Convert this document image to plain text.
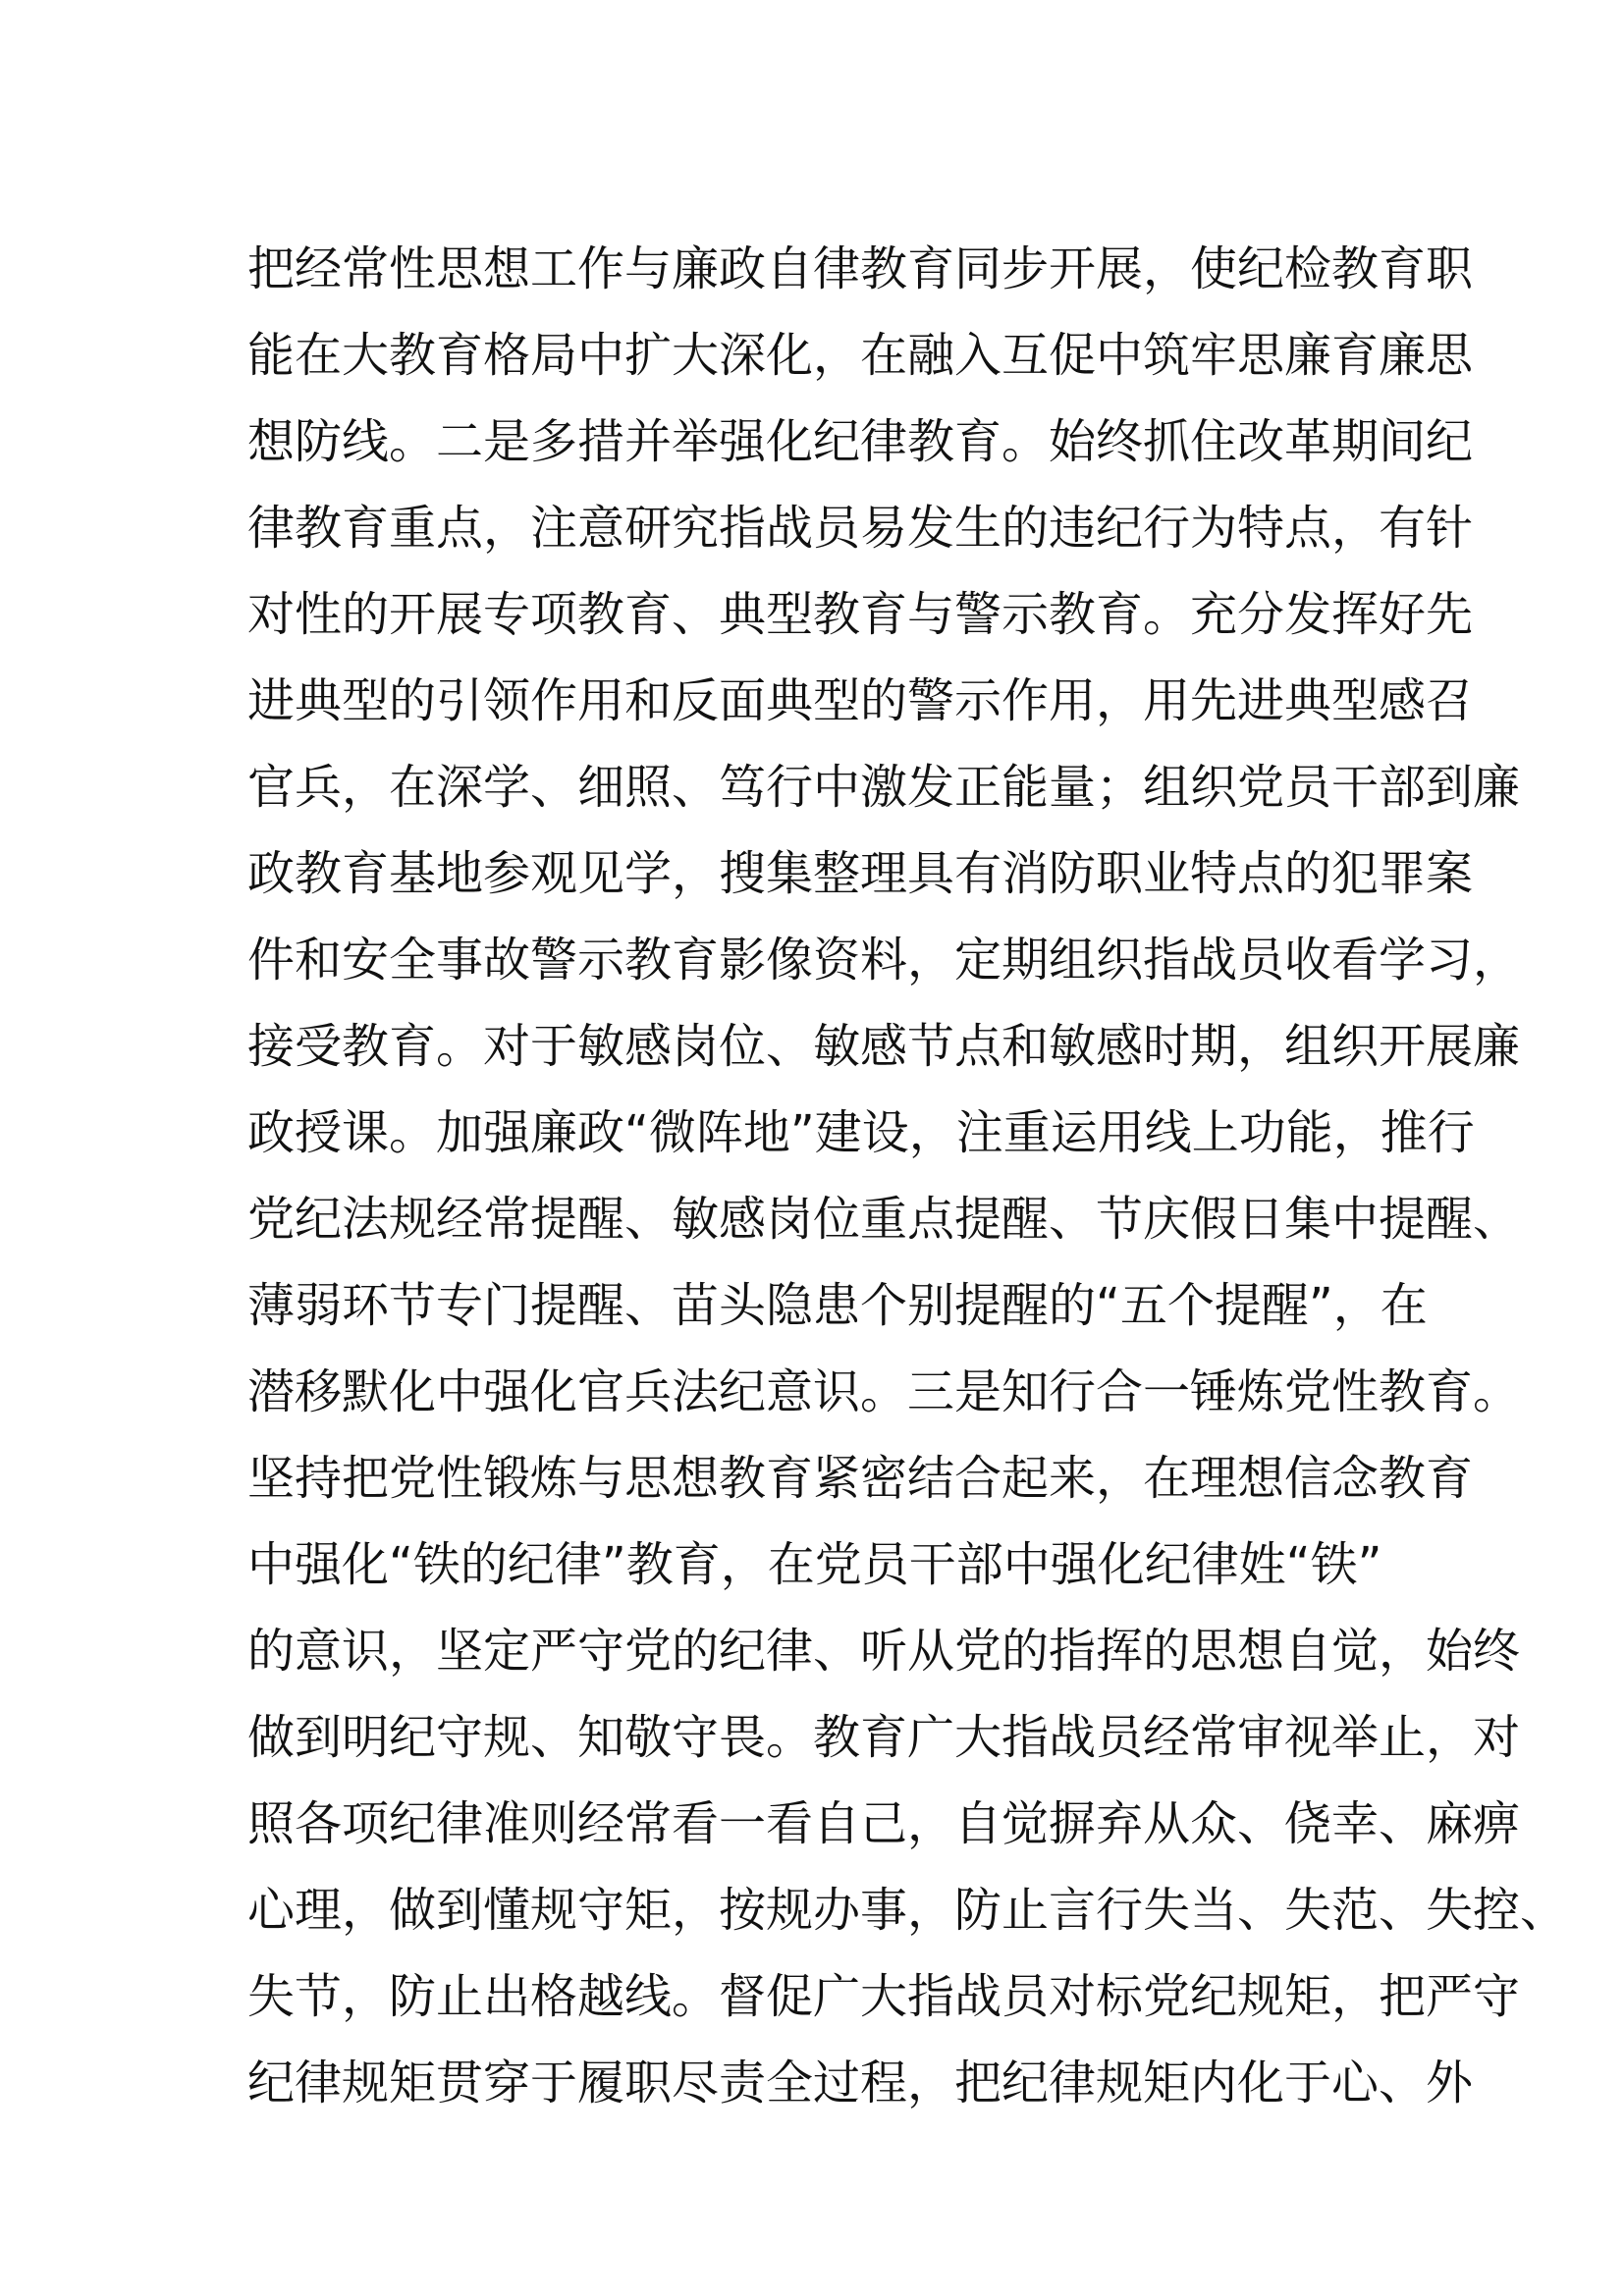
把经常性思想工作与廉政自律教育同步开展，使纪检教育职
能在大教育格局中扩大深化，在融入互促中筑牢思廉育廉思
想防线。二是多措并举强化纪律教育。始终抓住改革期间纪
律教育重点，注意研究指战员易发生的违纪行为特点，有针
对性的开展专项教育、典型教育与警示教育。充分发挥好先
进典型的引领作用和反面典型的警示作用，用先进典型感召
官兵，在深学、细照、笃行中激发正能量；组织党员干部到廉
政教育基地参观见学，搜集整理具有消防职业特点的犯罪案
件和安全事故警示教育影像资料，定期组织指战员收看学习，
接受教育。对于敏感岗位、敏感节点和敏感时期，组织开展廉
政授课。加强廉政“微阵地”建设，注重运用线上功能，推行
党纪法规经常提醒、敏感岗位重点提醒、节庆假日集中提醒、
薄弱环节专门提醒、苗头隐患个别提醒的“五个提醒”，在
潜移默化中强化官兵法纪意识。三是知行合一锤炼党性教育。
坚持把党性锻炼与思想教育紧密结合起来，在理想信念教育
中强化“铁的纪律”教育，在党员干部中强化纪律姓“铁”
的意识，坚定严守党的纪律、听从党的指挥的思想自觉，始终
做到明纪守规、知敬守畏。教育广大指战员经常审视举止，对
照各项纪律准则经常看一看自己，自觉摒弃从众、侥幸、麻痹
心理，做到懂规守矩，按规办事，防止言行失当、失范、失控、
失节，防止出格越线。督促广大指战员对标党纪规矩，把严守
纪律规矩贯穿于履职尽责全过程，把纪律规矩内化于心、外
